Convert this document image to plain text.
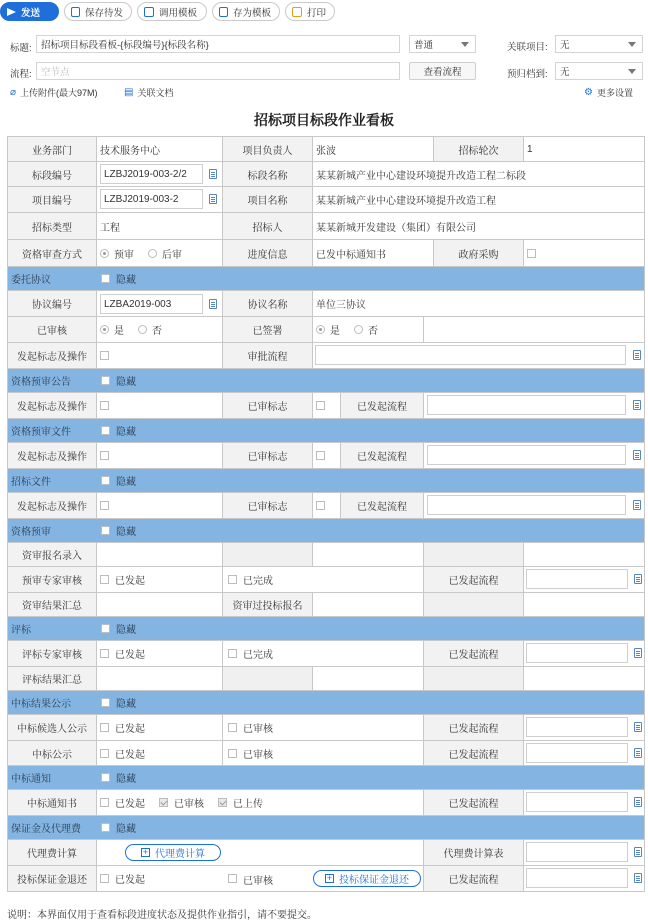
发送	保存待发	调用模板	存为模板	打印
标题: 招标项目标段看板-{标段编号}{标段名称}	普通	关联项目: 无
流程: 空节点	查看流程	预归档到: 无
⌀ 上传附件(最大97M)	▤ 关联文档	⚙ 更多设置
招标项目标段作业看板
业务部门	技术服务中心	项目负责人	张波	招标轮次	1
标段编号	LZBJ2019-003-2/2	标段名称	某某新城产业中心建设环境提升改造工程二标段
项目编号	LZBJ2019-003-2	项目名称	某某新城产业中心建设环境提升改造工程
招标类型	工程	招标人	某某新城开发建设（集团）有限公司
资格审查方式	预审	后审	进度信息	已发中标通知书	政府采购
委托协议	隐藏
协议编号	LZBA2019-003	协议名称	单位三协议
已审核	是	否	已签署	是	否
发起标志及操作	审批流程
资格预审公告	隐藏
发起标志及操作	已审标志	已发起流程
资格预审文件	隐藏
发起标志及操作	已审标志	已发起流程
招标文件	隐藏
发起标志及操作	已审标志	已发起流程
资格预审	隐藏
资审报名录入
预审专家审核	已发起	已完成	已发起流程
资审结果汇总	资审过投标报名
评标	隐藏
评标专家审核	已发起	已完成	已发起流程
评标结果汇总
中标结果公示	隐藏
中标候选人公示	已发起	已审核	已发起流程
中标公示	已发起	已审核	已发起流程
中标通知	隐藏
中标通知书	已发起	已审核	已上传	已发起流程
保证金及代理费	隐藏
代理费计算	+ 代理费计算	代理费计算表
投标保证金退还	已发起	已审核	+ 投标保证金退还	已发起流程
说明：本界面仅用于查看标段进度状态及提供作业指引，请不要提交。
